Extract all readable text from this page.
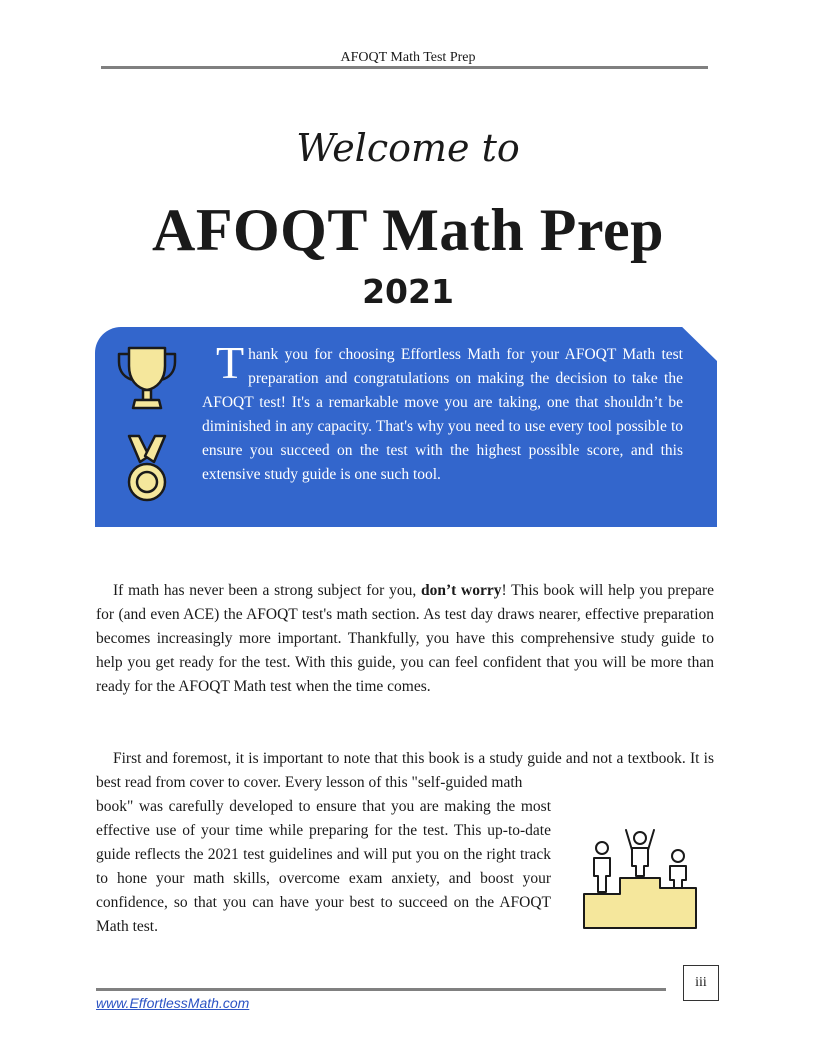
AFOQT Math Test Prep
Welcome to
AFOQT Math Prep
2021
Thank you for choosing Effortless Math for your AFOQT Math test preparation and congratulations on making the decision to take the AFOQT test! It's a remarkable move you are taking, one that shouldn’t be diminished in any capacity. That's why you need to use every tool possible to ensure you succeed on the test with the highest possible score, and this extensive study guide is one such tool.

If math has never been a strong subject for you, don’t worry! This book will help you prepare for (and even ACE) the AFOQT test's math section. As test day draws nearer, effective preparation becomes increasingly more important. Thankfully, you have this comprehensive study guide to help you get ready for the test. With this guide, you can feel confident that you will be more than ready for the AFOQT Math test when the time comes.

First and foremost, it is important to note that this book is a study guide and not a textbook. It is best read from cover to cover. Every lesson of this "self-guided math

book" was carefully developed to ensure that you are making the most effective use of your time while preparing for the test. This up-to-date guide reflects the 2021 test guidelines and will put you on the right track to hone your math skills, overcome exam anxiety, and boost your confidence, so that you can have your best to succeed on the AFOQT Math test.

www.EffortlessMath.com
iii
